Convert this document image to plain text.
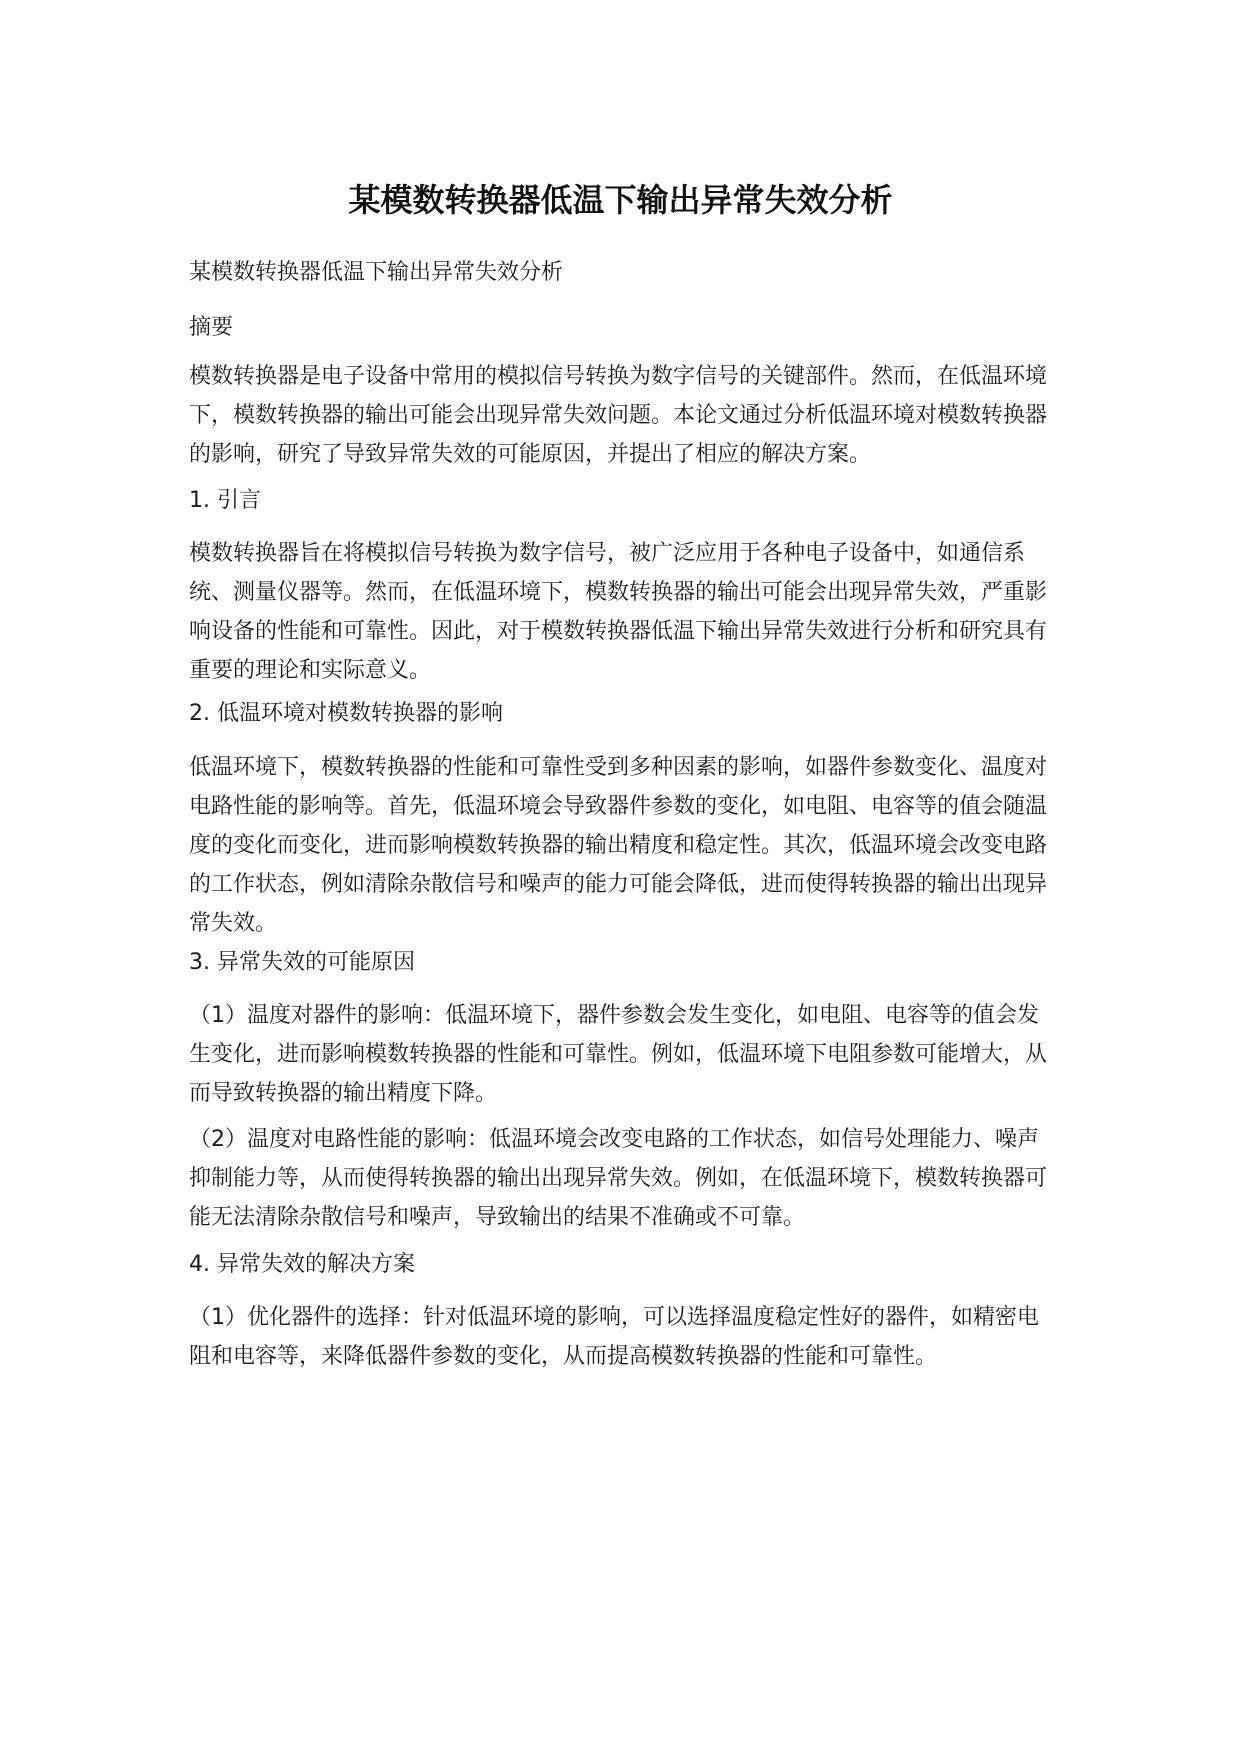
某模数转换器低温下输出异常失效分析

某模数转换器低温下输出异常失效分析

摘要

模数转换器是电子设备中常用的模拟信号转换为数字信号的关键部件。然而，在低温环境下，模数转换器的输出可能会出现异常失效问题。本论文通过分析低温环境对模数转换器的影响，研究了导致异常失效的可能原因，并提出了相应的解决方案。

1. 引言

模数转换器旨在将模拟信号转换为数字信号，被广泛应用于各种电子设备中，如通信系统、测量仪器等。然而，在低温环境下，模数转换器的输出可能会出现异常失效，严重影响设备的性能和可靠性。因此，对于模数转换器低温下输出异常失效进行分析和研究具有重要的理论和实际意义。

2. 低温环境对模数转换器的影响

低温环境下，模数转换器的性能和可靠性受到多种因素的影响，如器件参数变化、温度对电路性能的影响等。首先，低温环境会导致器件参数的变化，如电阻、电容等的值会随温度的变化而变化，进而影响模数转换器的输出精度和稳定性。其次，低温环境会改变电路的工作状态，例如清除杂散信号和噪声的能力可能会降低，进而使得转换器的输出出现异常失效。

3. 异常失效的可能原因

（1）温度对器件的影响：低温环境下，器件参数会发生变化，如电阻、电容等的值会发生变化，进而影响模数转换器的性能和可靠性。例如，低温环境下电阻参数可能增大，从而导致转换器的输出精度下降。

（2）温度对电路性能的影响：低温环境会改变电路的工作状态，如信号处理能力、噪声抑制能力等，从而使得转换器的输出出现异常失效。例如，在低温环境下，模数转换器可能无法清除杂散信号和噪声，导致输出的结果不准确或不可靠。

4. 异常失效的解决方案

（1）优化器件的选择：针对低温环境的影响，可以选择温度稳定性好的器件，如精密电阻和电容等，来降低器件参数的变化，从而提高模数转换器的性能和可靠性。
